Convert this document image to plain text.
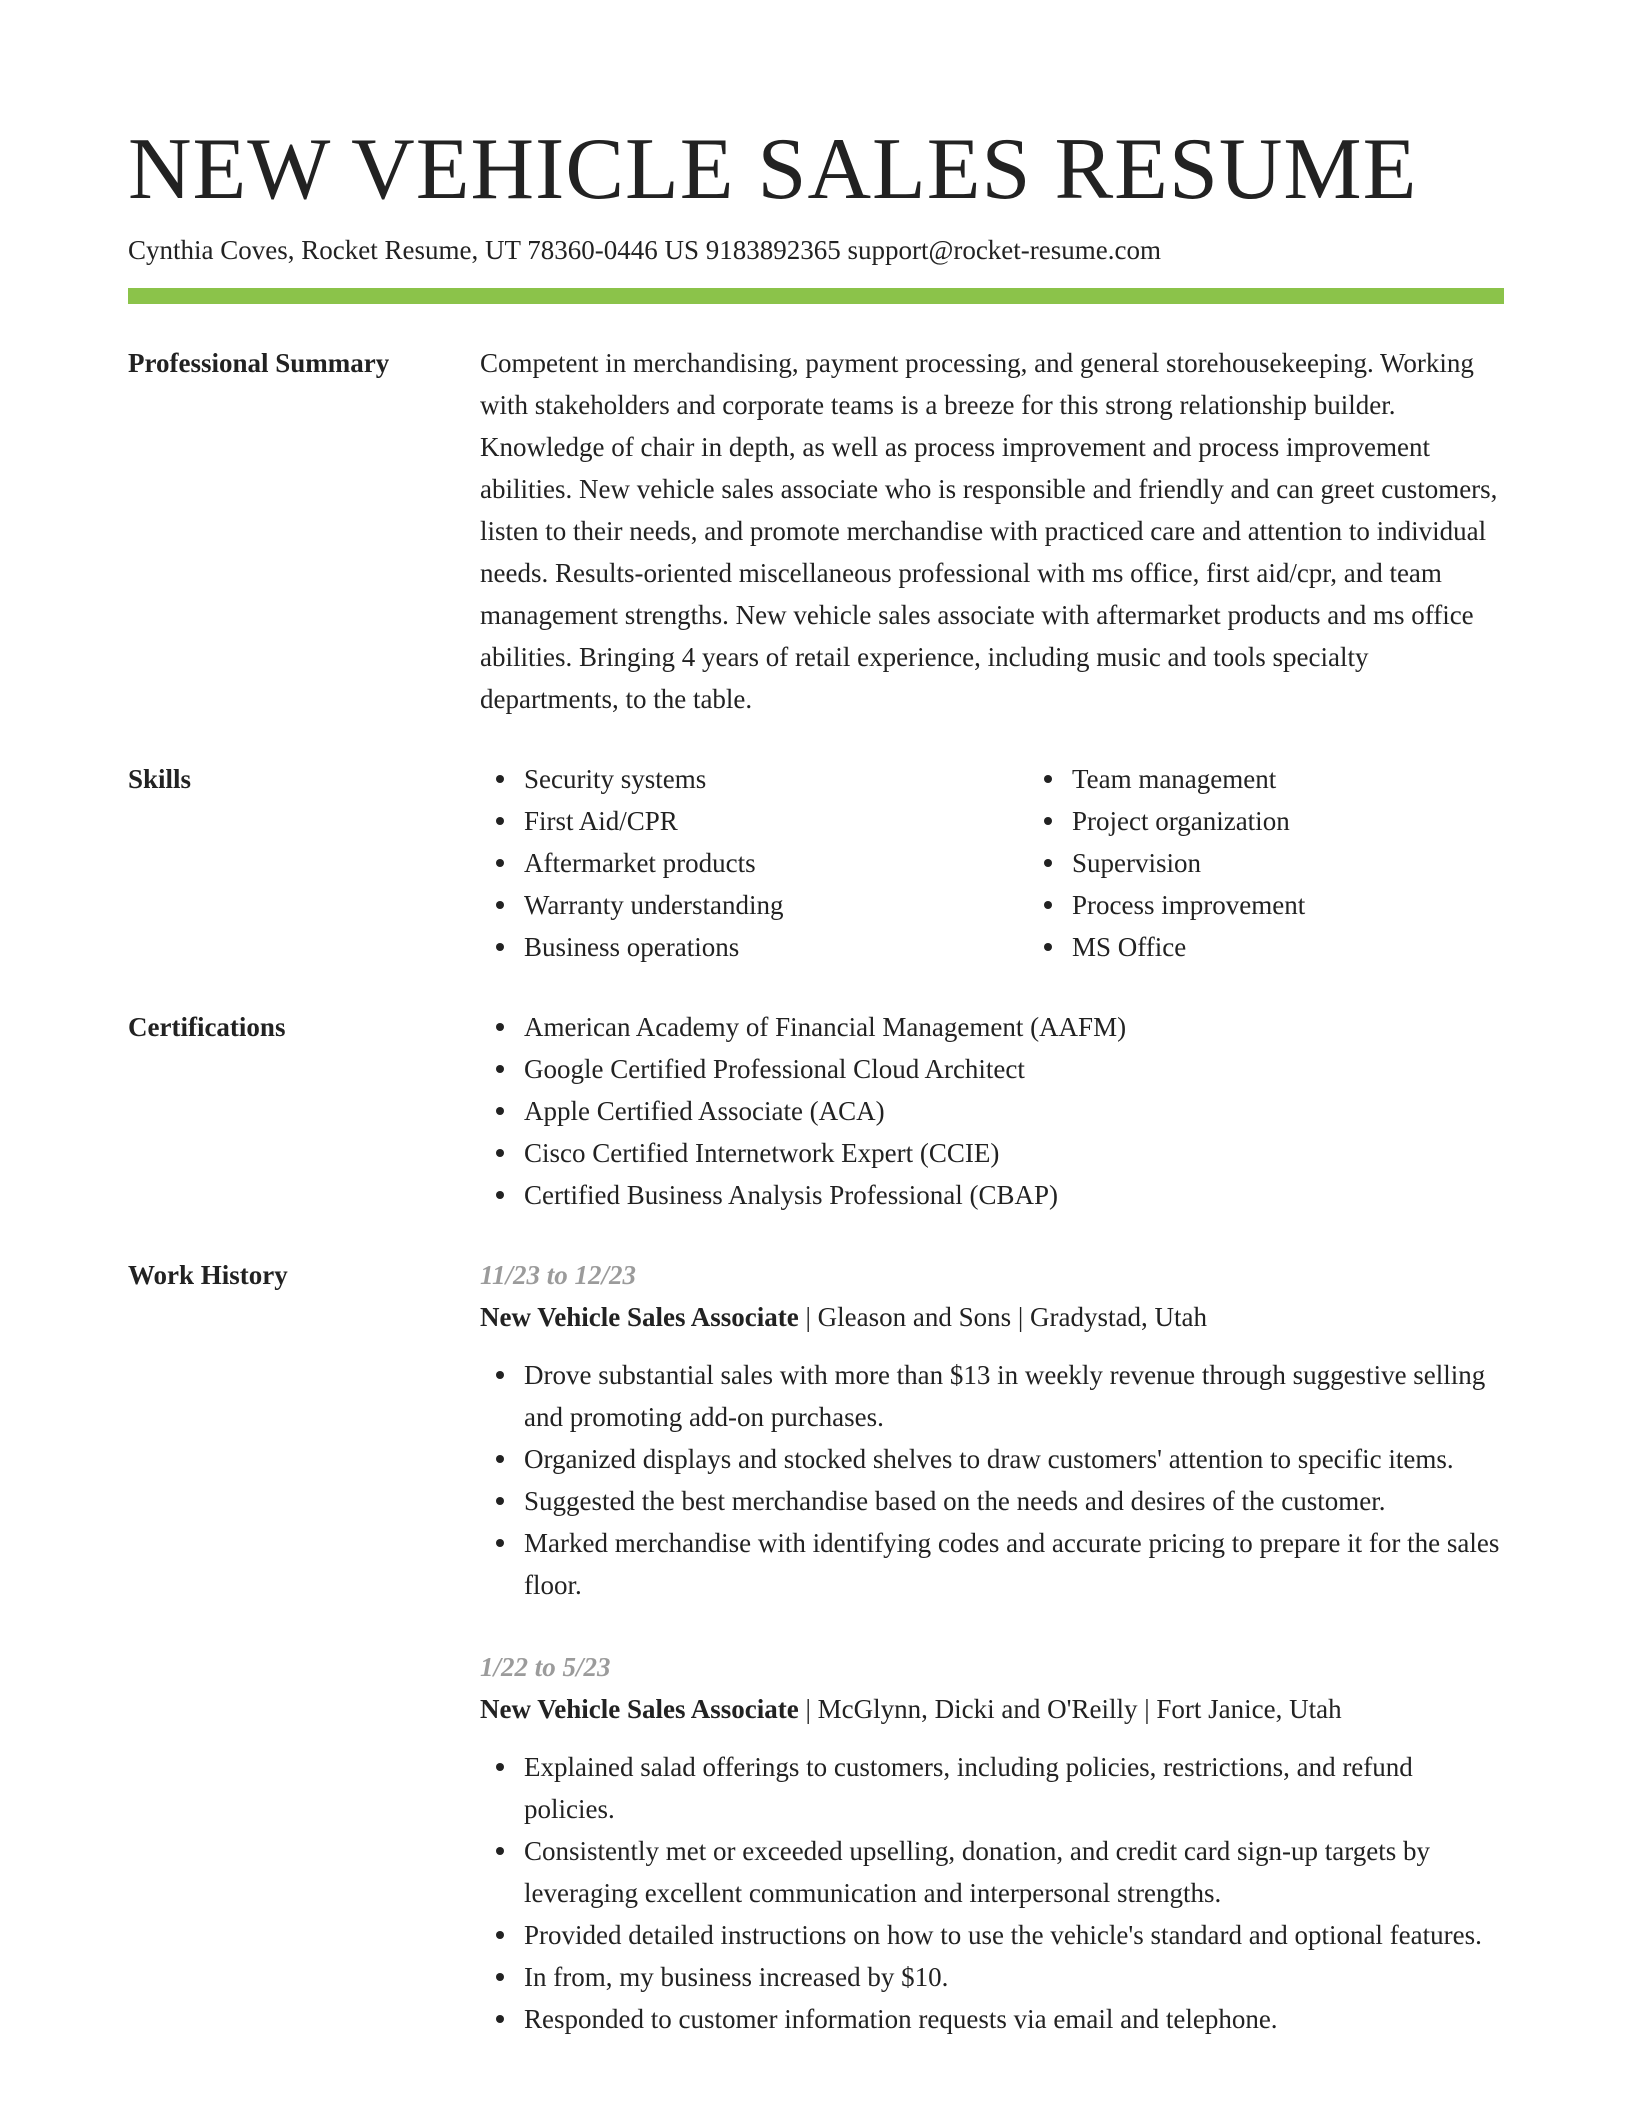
NEW VEHICLE SALES RESUME
Cynthia Coves, Rocket Resume, UT 78360-0446 US 9183892365 support@rocket-resume.com
Professional Summary	Competent in merchandising, payment processing, and general storehousekeeping. Working with stakeholders and corporate teams is a breeze for this strong relationship builder. Knowledge of chair in depth, as well as process improvement and process improvement abilities. New vehicle sales associate who is responsible and friendly and can greet customers, listen to their needs, and promote merchandise with practiced care and attention to individual needs. Results-oriented miscellaneous professional with ms office, first aid/cpr, and team management strengths. New vehicle sales associate with aftermarket products and ms office abilities. Bringing 4 years of retail experience, including music and tools specialty departments, to the table.

Skills	Security systems
First Aid/CPR
Aftermarket products
Warranty understanding
Business operations
Team management
Project organization
Supervision
Process improvement
MS Office
Certifications	American Academy of Financial Management (AAFM)
Google Certified Professional Cloud Architect
Apple Certified Associate (ACA)
Cisco Certified Internetwork Expert (CCIE)
Certified Business Analysis Professional (CBAP)
Work History	11/23 to 12/23
New Vehicle Sales Associate | Gleason and Sons | Gradystad, Utah
Drove substantial sales with more than $13 in weekly revenue through suggestive selling and promoting add-on purchases.
Organized displays and stocked shelves to draw customers' attention to specific items.
Suggested the best merchandise based on the needs and desires of the customer.
Marked merchandise with identifying codes and accurate pricing to prepare it for the sales floor.
1/22 to 5/23
New Vehicle Sales Associate | McGlynn, Dicki and O'Reilly | Fort Janice, Utah
Explained salad offerings to customers, including policies, restrictions, and refund policies.
Consistently met or exceeded upselling, donation, and credit card sign-up targets by leveraging excellent communication and interpersonal strengths.
Provided detailed instructions on how to use the vehicle's standard and optional features.
In from, my business increased by $10.
Responded to customer information requests via email and telephone.
